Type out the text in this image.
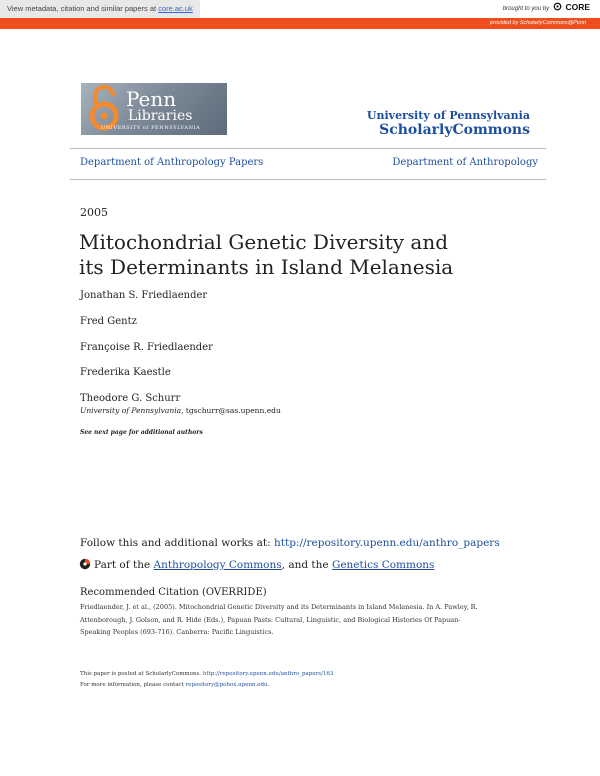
View metadata, citation and similar papers at core.ac.uk	brought to you by CORE
provided by ScholarlyCommons@Penn
Penn
Libraries
UNIVERSITY of PENNSYLVANIA
University of Pennsylvania
ScholarlyCommons
Department of Anthropology Papers	Department of Anthropology
2005
Mitochondrial Genetic Diversity and its Determinants in Island Melanesia
Jonathan S. Friedlaender
Fred Gentz
Françoise R. Friedlaender
Frederika Kaestle
Theodore G. Schurr
University of Pennsylvania, tgschurr@sas.upenn.edu
See next page for additional authors
Follow this and additional works at: http://repository.upenn.edu/anthro_papers
Part of the Anthropology Commons, and the Genetics Commons
Recommended Citation (OVERRIDE)
Friedlaender, J. et al., (2005). Mitochondrial Genetic Diversity and its Determinants in Island Melanesia. In A. Pawley, R. Attenborough, J. Golson, and R. Hide (Eds.), Papuan Pasts: Cultural, Linguistic, and Biological Histories Of Papuan-Speaking Peoples (693-716). Canberra: Pacific Linguistics.
This paper is posted at ScholarlyCommons. http://repository.upenn.edu/anthro_papers/163
For more information, please contact repository@pobox.upenn.edu.
